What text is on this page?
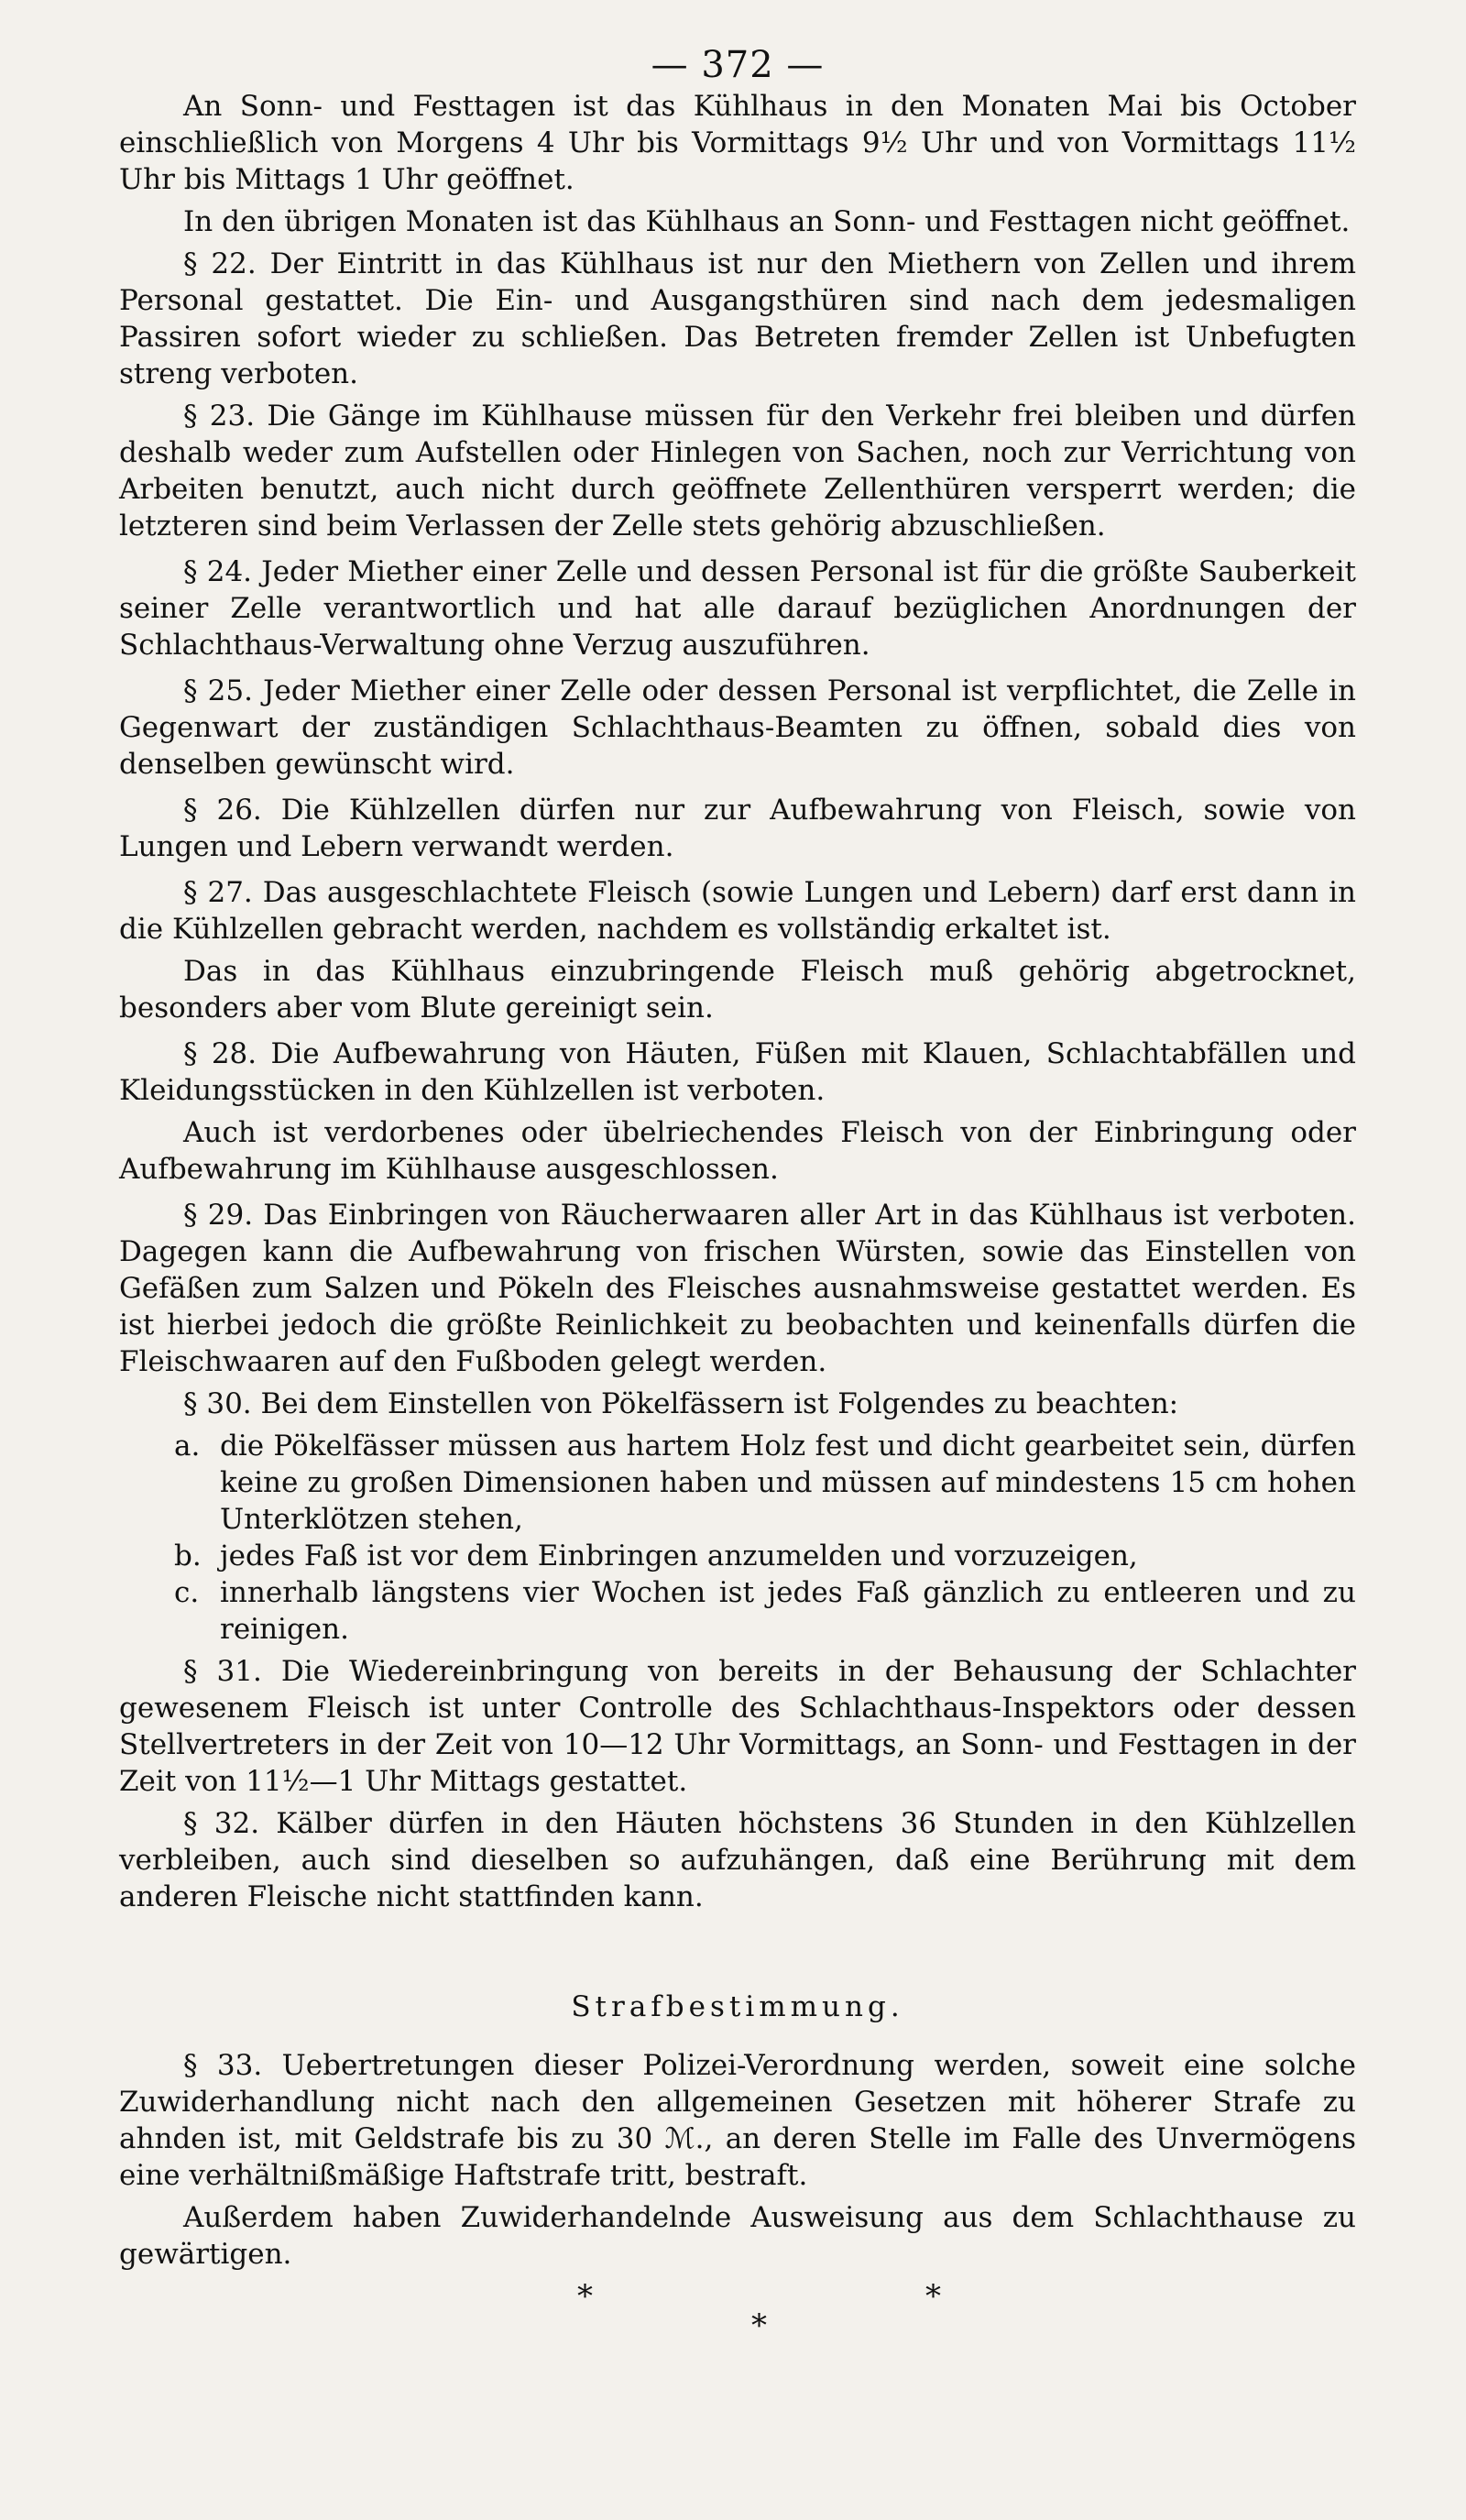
— 372 —

An Sonn- und Festtagen ist das Kühlhaus in den Monaten Mai bis October einschließlich von Morgens 4 Uhr bis Vormittags 9½ Uhr und von Vormittags 11½ Uhr bis Mittags 1 Uhr geöffnet.

In den übrigen Monaten ist das Kühlhaus an Sonn- und Festtagen nicht geöffnet.

§ 22. Der Eintritt in das Kühlhaus ist nur den Miethern von Zellen und ihrem Personal gestattet. Die Ein- und Ausgangsthüren sind nach dem jedesmaligen Passiren sofort wieder zu schließen. Das Betreten fremder Zellen ist Unbefugten streng verboten.

§ 23. Die Gänge im Kühlhause müssen für den Verkehr frei bleiben und dürfen deshalb weder zum Aufstellen oder Hinlegen von Sachen, noch zur Verrichtung von Arbeiten benutzt, auch nicht durch geöffnete Zellenthüren versperrt werden; die letzteren sind beim Verlassen der Zelle stets gehörig abzuschließen.

§ 24. Jeder Miether einer Zelle und dessen Personal ist für die größte Sauberkeit seiner Zelle verantwortlich und hat alle darauf bezüglichen Anordnungen der Schlachthaus-Verwaltung ohne Verzug auszuführen.

§ 25. Jeder Miether einer Zelle oder dessen Personal ist verpflichtet, die Zelle in Gegenwart der zuständigen Schlachthaus-Beamten zu öffnen, sobald dies von denselben gewünscht wird.

§ 26. Die Kühlzellen dürfen nur zur Aufbewahrung von Fleisch, sowie von Lungen und Lebern verwandt werden.

§ 27. Das ausgeschlachtete Fleisch (sowie Lungen und Lebern) darf erst dann in die Kühlzellen gebracht werden, nachdem es vollständig erkaltet ist.

Das in das Kühlhaus einzubringende Fleisch muß gehörig abgetrocknet, besonders aber vom Blute gereinigt sein.

§ 28. Die Aufbewahrung von Häuten, Füßen mit Klauen, Schlachtabfällen und Kleidungsstücken in den Kühlzellen ist verboten.

Auch ist verdorbenes oder übelriechendes Fleisch von der Einbringung oder Aufbewahrung im Kühlhause ausgeschlossen.

§ 29. Das Einbringen von Räucherwaaren aller Art in das Kühlhaus ist verboten. Dagegen kann die Aufbewahrung von frischen Würsten, sowie das Einstellen von Gefäßen zum Salzen und Pökeln des Fleisches ausnahmsweise gestattet werden. Es ist hierbei jedoch die größte Reinlichkeit zu beobachten und keinenfalls dürfen die Fleischwaaren auf den Fußboden gelegt werden.

§ 30. Bei dem Einstellen von Pökelfässern ist Folgendes zu beachten:

a. die Pökelfässer müssen aus hartem Holz fest und dicht gearbeitet sein, dürfen keine zu großen Dimensionen haben und müssen auf mindestens 15 cm hohen Unterklötzen stehen,
b. jedes Faß ist vor dem Einbringen anzumelden und vorzuzeigen,
c. innerhalb längstens vier Wochen ist jedes Faß gänzlich zu entleeren und zu reinigen.

§ 31. Die Wiedereinbringung von bereits in der Behausung der Schlachter gewesenem Fleisch ist unter Controlle des Schlachthaus-Inspektors oder dessen Stellvertreters in der Zeit von 10—12 Uhr Vormittags, an Sonn- und Festtagen in der Zeit von 11½—1 Uhr Mittags gestattet.

§ 32. Kälber dürfen in den Häuten höchstens 36 Stunden in den Kühlzellen verbleiben, auch sind dieselben so aufzuhängen, daß eine Berührung mit dem anderen Fleische nicht stattfinden kann.

Strafbestimmung.

§ 33. Uebertretungen dieser Polizei-Verordnung werden, soweit eine solche Zuwiderhandlung nicht nach den allgemeinen Gesetzen mit höherer Strafe zu ahnden ist, mit Geldstrafe bis zu 30 ℳ., an deren Stelle im Falle des Unvermögens eine verhältnißmäßige Haftstrafe tritt, bestraft.

Außerdem haben Zuwiderhandelnde Ausweisung aus dem Schlachthause zu gewärtigen.

*
*
*
